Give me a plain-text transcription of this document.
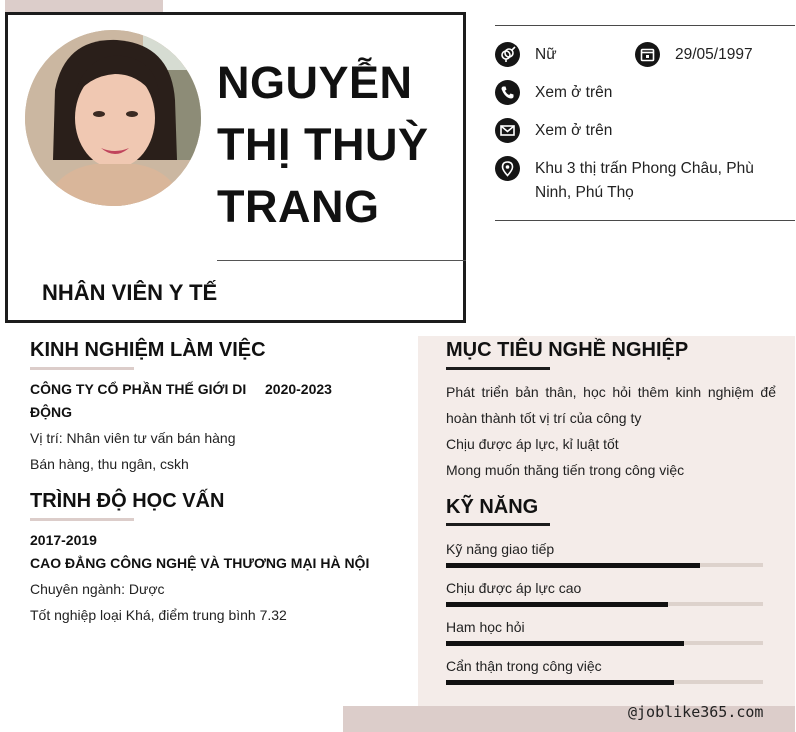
NGUYỄN THỊ THUỲ TRANG
NHÂN VIÊN Y TẾ
Nữ	29/05/1997
Xem ở trên
Xem ở trên
Khu 3 thị trấn Phong Châu, Phù Ninh, Phú Thọ
KINH NGHIỆM LÀM VIỆC
CÔNG TY CỔ PHẦN THẾ GIỚI DI ĐỘNG
2020-2023
Vị trí: Nhân viên tư vấn bán hàng
Bán hàng, thu ngân, cskh
TRÌNH ĐỘ HỌC VẤN
2017-2019
CAO ĐẲNG CÔNG NGHỆ VÀ THƯƠNG MẠI HÀ NỘI
Chuyên ngành: Dược
Tốt nghiệp loại Khá, điểm trung bình 7.32
MỤC TIÊU NGHỀ NGHIỆP
Phát triển bản thân, học hỏi thêm kinh nghiệm để hoàn thành tốt vị trí của công ty
Chịu được áp lực, kỉ luật tốt
Mong muốn thăng tiến trong công việc
KỸ NĂNG
Kỹ năng giao tiếp
Chịu được áp lực cao
Ham học hỏi
Cẩn thận trong công việc
@joblike365.com
